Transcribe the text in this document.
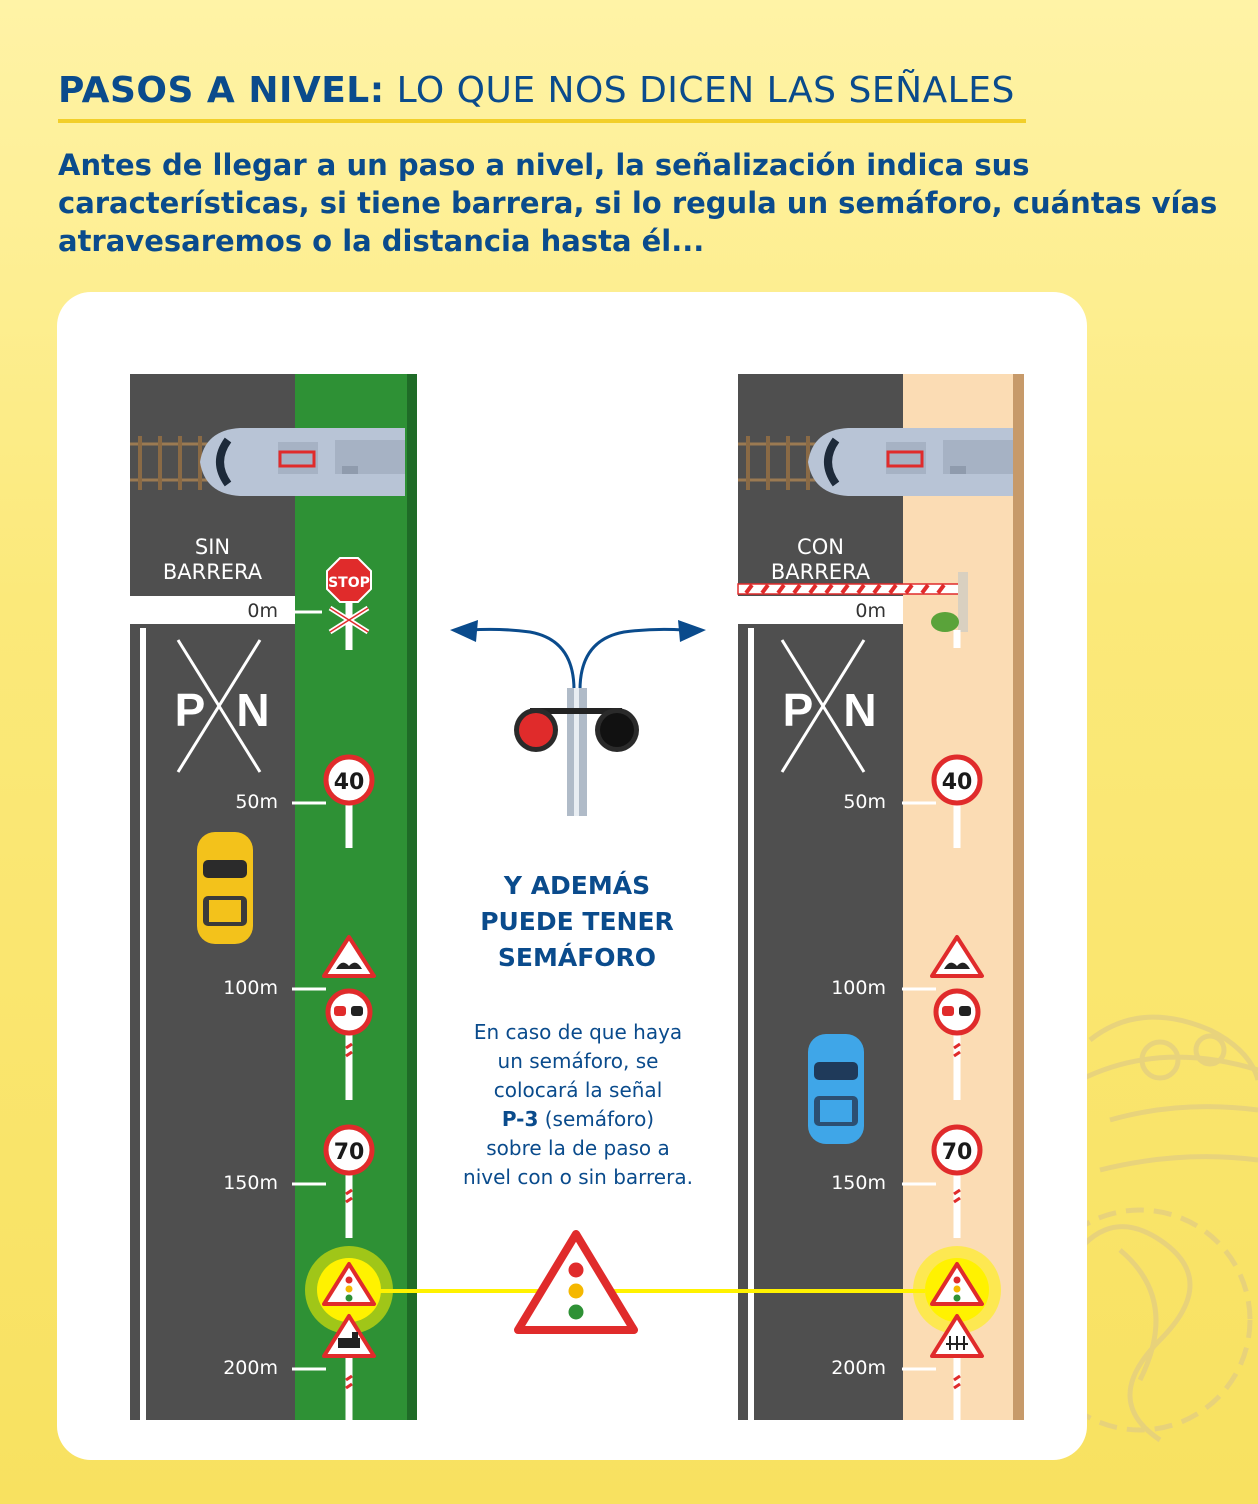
PASOS A NIVEL: LO QUE NOS DICEN LAS SEÑALES
Antes de llegar a un paso a nivel, la señalización indica sus características, si tiene barrera, si lo regula un semáforo, cuántas vías atravesaremos o la distancia hasta él...
P N
STOP
40
70
P N
40
70
SIN
BARRERA
0m
50m
100m
150m
200m
CON
BARRERA
0m
50m
100m
150m
200m
Y ADEMÁS
PUEDE TENER
SEMÁFORO
En caso de que haya
un semáforo, se
colocará la señal
P-3 (semáforo)
sobre la de paso a
nivel con o sin barrera.
